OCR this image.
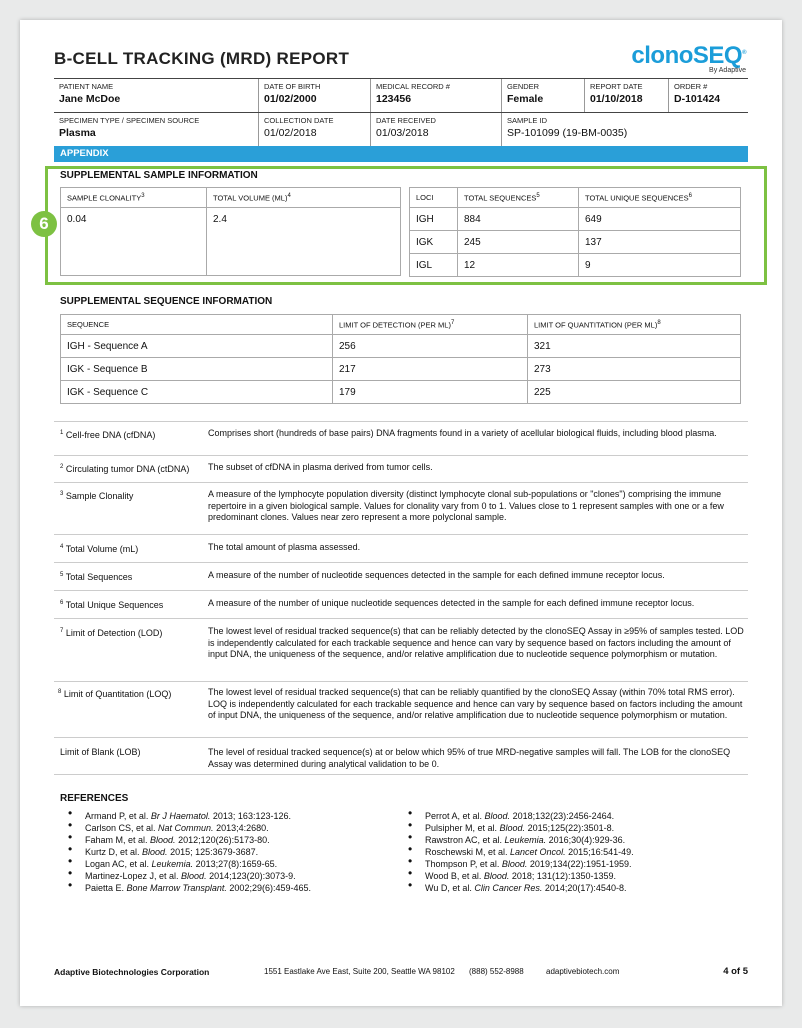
B-CELL TRACKING (MRD) REPORT	clonoSEQ®
By Adaptive
PATIENT NAME
Jane McDoe
DATE OF BIRTH
01/02/2000
MEDICAL RECORD #
123456
GENDER
Female
REPORT DATE
01/10/2018
ORDER #
D-101424
SPECIMEN TYPE / SPECIMEN SOURCE
Plasma
COLLECTION DATE
01/02/2018
DATE RECEIVED
01/03/2018
SAMPLE ID
SP-101099 (19-BM-0035)
APPENDIX
6
SUPPLEMENTAL SAMPLE INFORMATION
SAMPLE CLONALITY$^3$	TOTAL VOLUME (ML)$^4$
0.04	2.4
LOCI	TOTAL SEQUENCES$^5$	TOTAL UNIQUE SEQUENCES$^6$
IGH	884	649
IGK	245	137
IGL	12	9
SUPPLEMENTAL SEQUENCE INFORMATION
SEQUENCE	LIMIT OF DETECTION (PER ML)$^7$	LIMIT OF QUANTITATION (PER ML)$^8$
IGH - Sequence A	256	321
IGK - Sequence B	217	273
IGK - Sequence C	179	225
$^1$ Cell-free DNA (cfDNA)	Comprises short (hundreds of base pairs) DNA fragments found in a variety of acellular biological fluids, including blood plasma.
$^2$ Circulating tumor DNA (ctDNA)	The subset of cfDNA in plasma derived from tumor cells.
$^3$ Sample Clonality	A measure of the lymphocyte population diversity (distinct lymphocyte clonal sub-populations or "clones") comprising the immune repertoire in a given biological sample. Values for clonality vary from 0 to 1. Values close to 1 represent samples with one or a few predominant clones. Values near zero represent a more polyclonal sample.
$^4$ Total Volume (mL)	The total amount of plasma assessed.
$^5$ Total Sequences	A measure of the number of nucleotide sequences detected in the sample for each defined immune receptor locus.
$^6$ Total Unique Sequences	A measure of the number of unique nucleotide sequences detected in the sample for each defined immune receptor locus.
$^7$ Limit of Detection (LOD)	The lowest level of residual tracked sequence(s) that can be reliably detected by the clonoSEQ Assay in ≥95% of samples tested. LOD is independently calculated for each trackable sequence and hence can vary by sequence based on factors including the amount of input DNA, the uniqueness of the sequence, and/or relative amplification due to nucleotide sequence polymorphism or mutation.
$^8$ Limit of Quantitation (LOQ)	The lowest level of residual tracked sequence(s) that can be reliably quantified by the clonoSEQ Assay (within 70% total RMS error). LOQ is independently calculated for each trackable sequence and hence can vary by sequence based on factors including the amount of input DNA, the uniqueness of the sequence, and/or relative amplification due to nucleotide sequence polymorphism or mutation.
Limit of Blank (LOB)	The level of residual tracked sequence(s) at or below which 95% of true MRD-negative samples will fall. The LOB for the clonoSEQ Assay was determined during analytical validation to be 0.
REFERENCES
• Armand P, et al. Br J Haematol. 2013; 163:123-126.
• Carlson CS, et al. Nat Commun. 2013;4:2680.
• Faham M, et al. Blood. 2012;120(26):5173-80.
• Kurtz D, et al. Blood. 2015; 125:3679-3687.
• Logan AC, et al. Leukemia. 2013;27(8):1659-65.
• Martinez-Lopez J, et al. Blood. 2014;123(20):3073-9.
• Paietta E. Bone Marrow Transplant. 2002;29(6):459-465.
• Perrot A, et al. Blood. 2018;132(23):2456-2464.
• Pulsipher M, et al. Blood. 2015;125(22):3501-8.
• Rawstron AC, et al. Leukemia. 2016;30(4):929-36.
• Roschewski M, et al. Lancet Oncol. 2015;16:541-49.
• Thompson P, et al. Blood. 2019;134(22):1951-1959.
• Wood B, et al. Blood. 2018; 131(12):1350-1359.
• Wu D, et al. Clin Cancer Res. 2014;20(17):4540-8.
Adaptive Biotechnologies Corporation	1551 Eastlake Ave East, Suite 200, Seattle WA 98102	(888) 552-8988	adaptivebiotech.com	4 of 5
